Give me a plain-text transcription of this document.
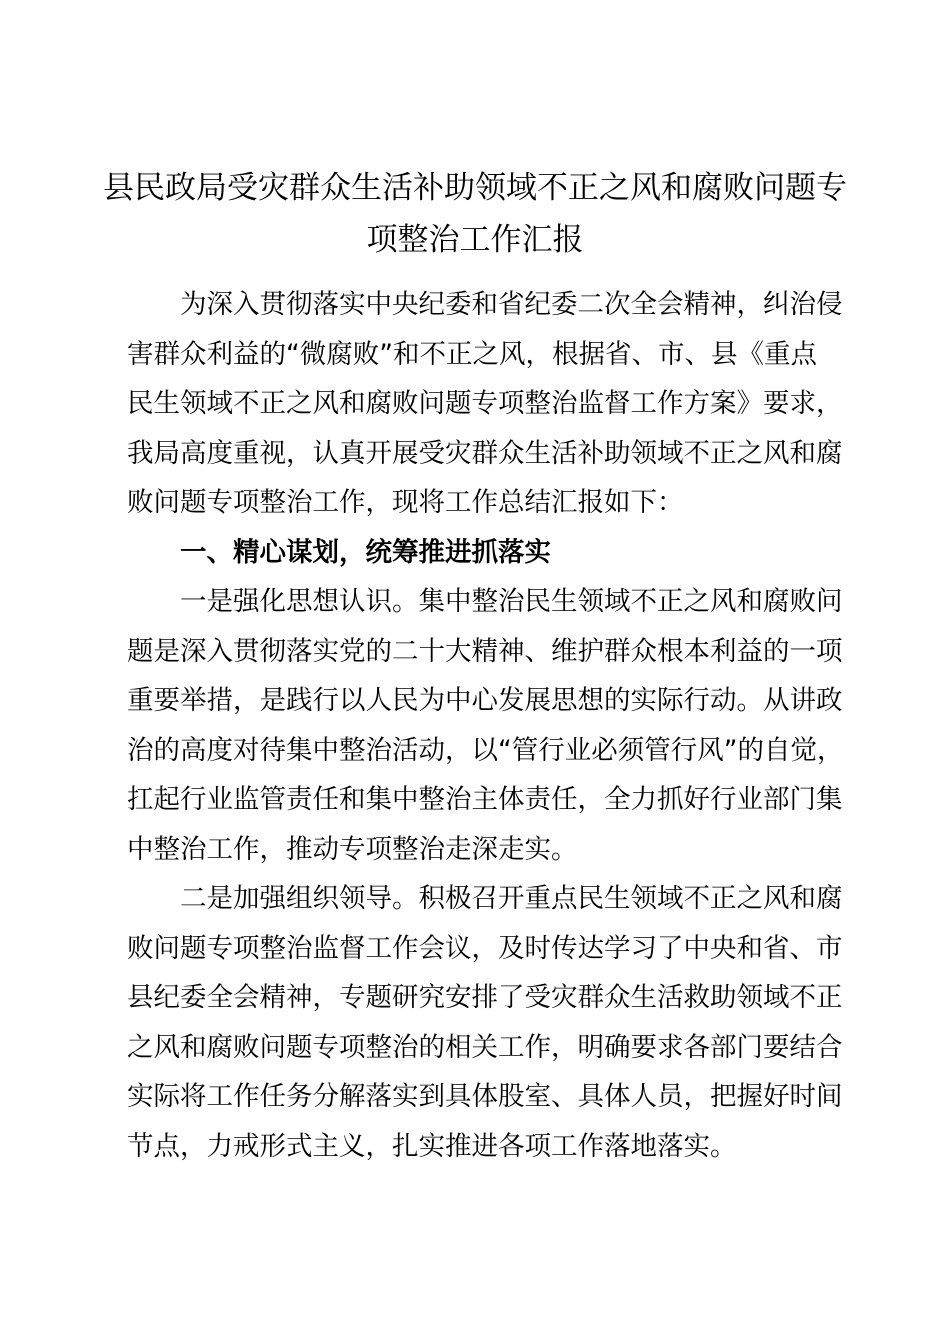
县民政局受灾群众生活补助领域不正之风和腐败问题专
项整治工作汇报
为深入贯彻落实中央纪委和省纪委二次全会精神，纠治侵
害群众利益的“微腐败”和不正之风，根据省、市、县《重点
民生领域不正之风和腐败问题专项整治监督工作方案》要求，
我局高度重视，认真开展受灾群众生活补助领域不正之风和腐
败问题专项整治工作，现将工作总结汇报如下：
一、精心谋划，统筹推进抓落实
一是强化思想认识。集中整治民生领域不正之风和腐败问
题是深入贯彻落实党的二十大精神、维护群众根本利益的一项
重要举措，是践行以人民为中心发展思想的实际行动。从讲政
治的高度对待集中整治活动，以“管行业必须管行风”的自觉，
扛起行业监管责任和集中整治主体责任，全力抓好行业部门集
中整治工作，推动专项整治走深走实。
二是加强组织领导。积极召开重点民生领域不正之风和腐
败问题专项整治监督工作会议，及时传达学习了中央和省、市
县纪委全会精神，专题研究安排了受灾群众生活救助领域不正
之风和腐败问题专项整治的相关工作，明确要求各部门要结合
实际将工作任务分解落实到具体股室、具体人员，把握好时间
节点，力戒形式主义，扎实推进各项工作落地落实。
